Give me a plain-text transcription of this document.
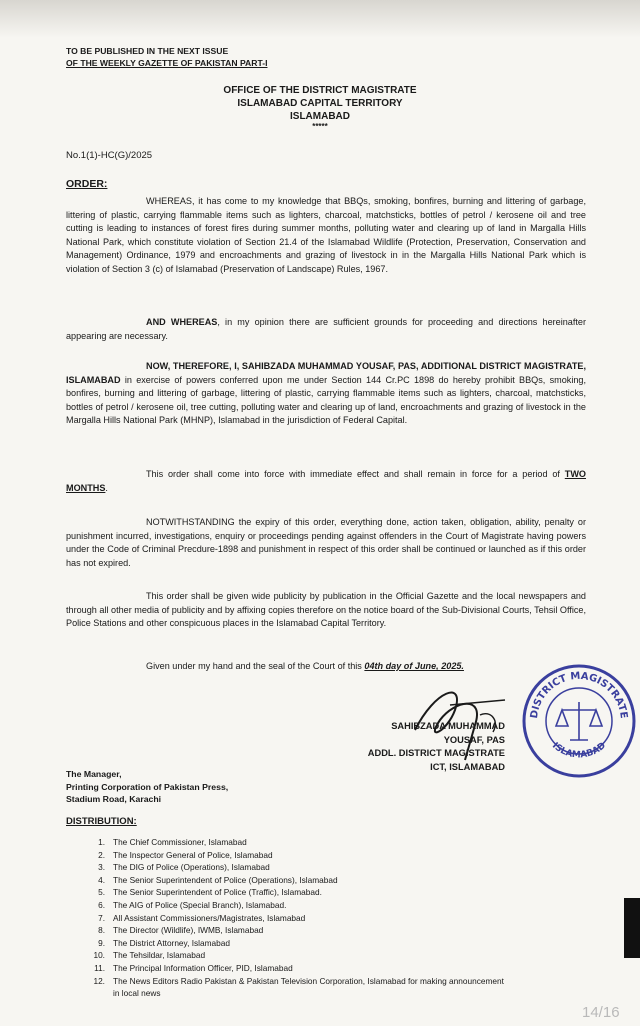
TO BE PUBLISHED IN THE NEXT ISSUE
OF THE WEEKLY GAZETTE OF PAKISTAN PART-I
OFFICE OF THE DISTRICT MAGISTRATE
ISLAMABAD CAPITAL TERRITORY
ISLAMABAD
*****
No.1(1)-HC(G)/2025
ORDER:
WHEREAS, it has come to my knowledge that BBQs, smoking, bonfires, burning and littering of garbage, littering of plastic, carrying flammable items such as lighters, charcoal, matchsticks, bottles of petrol / kerosene oil and tree cutting is leading to instances of forest fires during summer months, polluting water and clearing up of land in Margalla Hills National Park, which constitute violation of Section 21.4 of the Islamabad Wildlife (Protection, Preservation, Conservation and Management) Ordinance, 1979 and encroachments and grazing of livestock in in the Margalla Hills National Park which is violation of Section 3 (c) of Islamabad (Preservation of Landscape) Rules, 1967.
AND WHEREAS, in my opinion there are sufficient grounds for proceeding and directions hereinafter appearing are necessary.
NOW, THEREFORE, I, SAHIBZADA MUHAMMAD YOUSAF, PAS, ADDITIONAL DISTRICT MAGISTRATE, ISLAMABAD in exercise of powers conferred upon me under Section 144 Cr.PC 1898 do hereby prohibit BBQs, smoking, bonfires, burning and littering of garbage, littering of plastic, carrying flammable items such as lighters, charcoal, matchsticks, bottles of petrol / kerosene oil, tree cutting, polluting water and clearing up of land, encroachments and grazing of livestock in the Margalla Hills National Park (MHNP), Islamabad in the jurisdiction of Federal Capital.
This order shall come into force with immediate effect and shall remain in force for a period of TWO MONTHS.
NOTWITHSTANDING the expiry of this order, everything done, action taken, obligation, ability, penalty or punishment incurred, investigations, enquiry or proceedings pending against offenders in the Court of Magistrate having powers under the Code of Criminal Precdure-1898 and punishment in respect of this order shall be continued or launched as if this order has not expired.
This order shall be given wide publicity by publication in the Official Gazette and the local newspapers and through all other media of publicity and by affixing copies therefore on the notice board of the Sub-Divisional Courts, Tehsil Office, Police Stations and other conspicuous places in the Islamabad Capital Territory.
Given under my hand and the seal of the Court of this 04th day of June, 2025.
SAHIBZADA MUHAMMAD YOUSAF, PAS
ADDL. DISTRICT MAGISTRATE
ICT, ISLAMABAD
DISTRICT MAGISTRATE
ISLAMABAD
The Manager,
Printing Corporation of Pakistan Press,
Stadium Road, Karachi
DISTRIBUTION:
1. The Chief Commissioner, Islamabad
2. The Inspector General of Police, Islamabad
3. The DIG of Police (Operations), Islamabad
4. The Senior Superintendent of Police (Operations), Islamabad
5. The Senior Superintendent of Police (Traffic), Islamabad.
6. The AIG of Police (Special Branch), Islamabad.
7. All Assistant Commissioners/Magistrates, Islamabad
8. The Director (Wildlife), IWMB, Islamabad
9. The District Attorney, Islamabad
10. The Tehsildar, Islamabad
11. The Principal Information Officer, PID, Islamabad
12. The News Editors Radio Pakistan & Pakistan Television Corporation, Islamabad for making announcement
in local news
14/16
